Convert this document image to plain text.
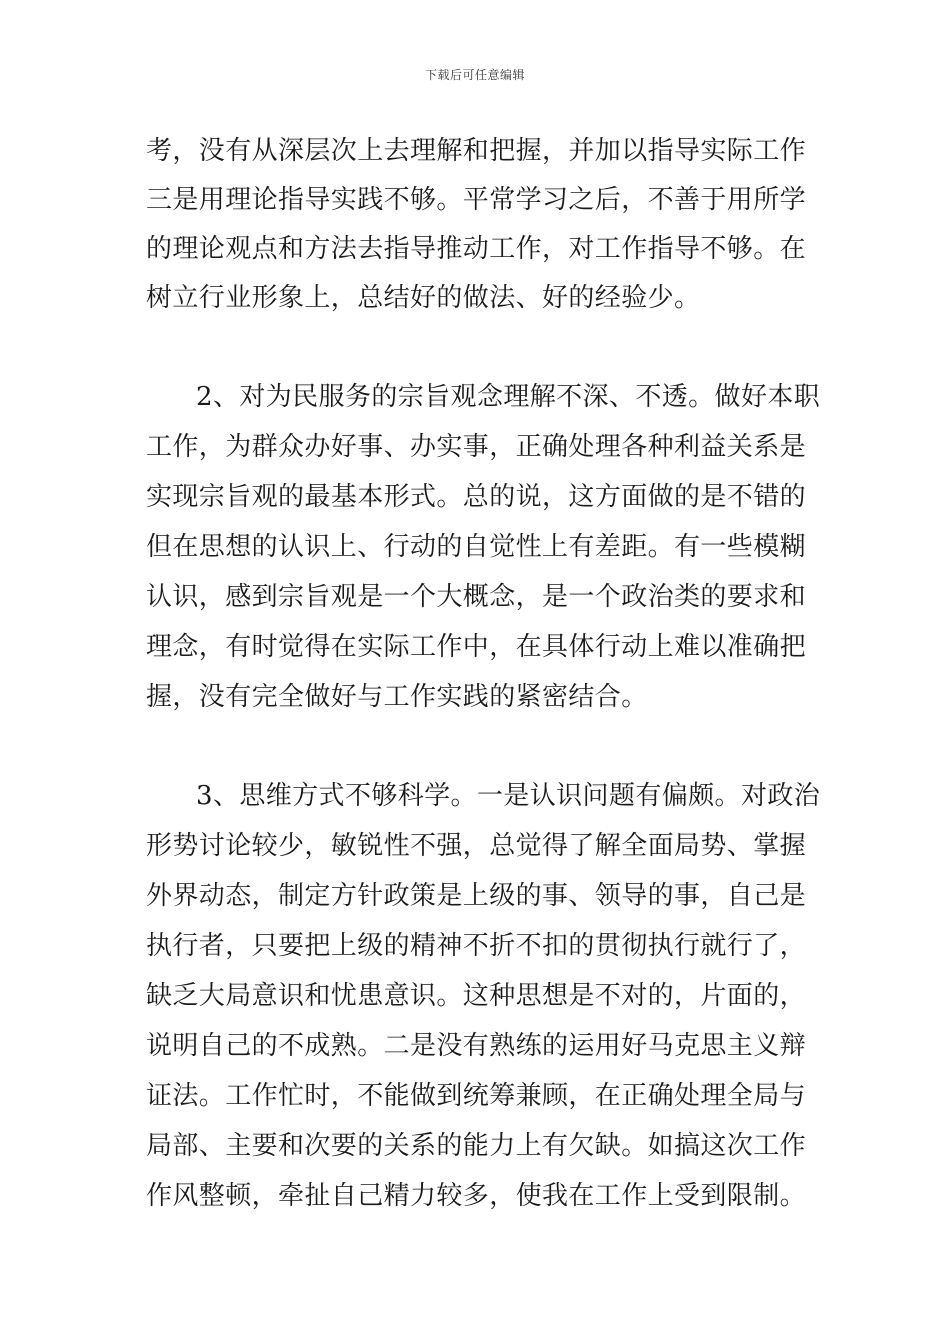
下载后可任意编辑
考，没有从深层次上去理解和把握，并加以指导实际工作
三是用理论指导实践不够。平常学习之后，不善于用所学
的理论观点和方法去指导推动工作，对工作指导不够。在
树立行业形象上，总结好的做法、好的经验少。
2、对为民服务的宗旨观念理解不深、不透。做好本职
工作，为群众办好事、办实事，正确处理各种利益关系是
实现宗旨观的最基本形式。总的说，这方面做的是不错的
但在思想的认识上、行动的自觉性上有差距。有一些模糊
认识，感到宗旨观是一个大概念，是一个政治类的要求和
理念，有时觉得在实际工作中，在具体行动上难以准确把
握，没有完全做好与工作实践的紧密结合。
3、思维方式不够科学。一是认识问题有偏颇。对政治
形势讨论较少，敏锐性不强，总觉得了解全面局势、掌握
外界动态，制定方针政策是上级的事、领导的事，自己是
执行者，只要把上级的精神不折不扣的贯彻执行就行了，
缺乏大局意识和忧患意识。这种思想是不对的，片面的，
说明自己的不成熟。二是没有熟练的运用好马克思主义辩
证法。工作忙时，不能做到统筹兼顾，在正确处理全局与
局部、主要和次要的关系的能力上有欠缺。如搞这次工作
作风整顿，牵扯自己精力较多，使我在工作上受到限制。
